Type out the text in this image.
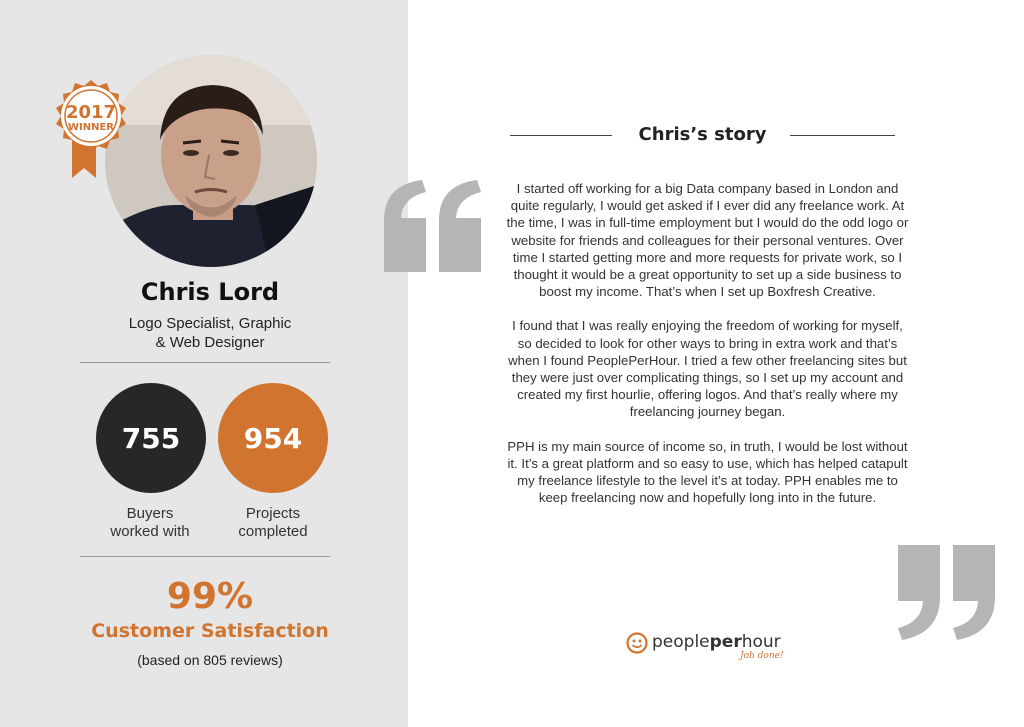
2017
WINNER
Chris Lord
Logo Specialist, Graphic
& Web Designer
755 954
Buyers
worked with
Projects
completed
99%
Customer Satisfaction
(based on 805 reviews)
Chris’s story

I started off working for a big Data company based in London and quite regularly, I would get asked if I ever did any freelance work. At the time, I was in full-time employment but I would do the odd logo or website for friends and colleagues for their personal ventures. Over time I started getting more and more requests for private work, so I thought it would be a great opportunity to set up a side business to boost my income. That’s when I set up Boxfresh Creative.

I found that I was really enjoying the freedom of working for myself, so decided to look for other ways to bring in extra work and that’s when I found PeoplePerHour. I tried a few other freelancing sites but they were just over complicating things, so I set up my account and created my first hourlie, offering logos. And that’s really where my freelancing journey began.

PPH is my main source of income so, in truth, I would be lost without it. It’s a great platform and so easy to use, which has helped catapult my freelance lifestyle to the level it’s at today. PPH enables me to keep freelancing now and hopefully long into in the future.

peopleperhour
Job done!
